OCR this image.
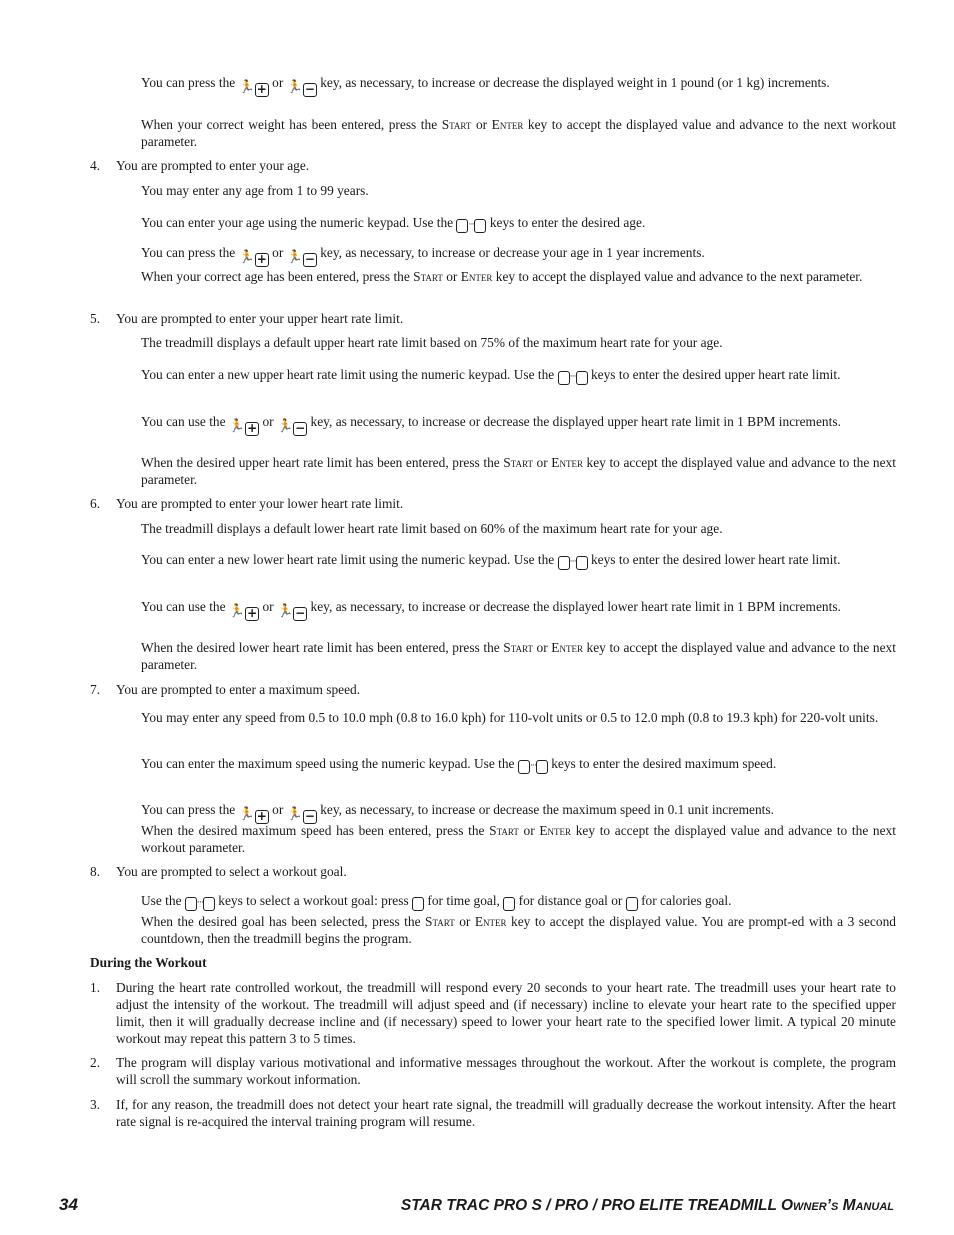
You can press the 🏃 + or 🏃 − key, as necessary, to increase or decrease the displayed weight in 1 pound (or 1 kg) increments.
When your correct weight has been entered, press the Start or Enter key to accept the displayed value and advance to the next workout parameter.
4.	You are prompted to enter your age.
You may enter any age from 1 to 99 years.
You can enter your age using the numeric keypad. Use the ··· keys to enter the desired age.
You can press the 🏃 + or 🏃 − key, as necessary, to increase or decrease your age in 1 year increments.
When your correct age has been entered, press the Start or Enter key to accept the displayed value and advance to the next parameter.
5.	You are prompted to enter your upper heart rate limit.
The treadmill displays a default upper heart rate limit based on 75% of the maximum heart rate for your age.
You can enter a new upper heart rate limit using the numeric keypad. Use the ··· keys to enter the desired upper heart rate limit.
You can use the 🏃 + or 🏃 − key, as necessary, to increase or decrease the displayed upper heart rate limit in 1 BPM increments.
When the desired upper heart rate limit has been entered, press the Start or Enter key to accept the displayed value and advance to the next parameter.
6.	You are prompted to enter your lower heart rate limit.
The treadmill displays a default lower heart rate limit based on 60% of the maximum heart rate for your age.
You can enter a new lower heart rate limit using the numeric keypad. Use the ··· keys to enter the desired lower heart rate limit.
You can use the 🏃 + or 🏃 − key, as necessary, to increase or decrease the displayed lower heart rate limit in 1 BPM increments.
When the desired lower heart rate limit has been entered, press the Start or Enter key to accept the displayed value and advance to the next parameter.
7.	You are prompted to enter a maximum speed.
You may enter any speed from 0.5 to 10.0 mph (0.8 to 16.0 kph) for 110-volt units or 0.5 to 12.0 mph (0.8 to 19.3 kph) for 220-volt units.
You can enter the maximum speed using the numeric keypad. Use the ··· keys to enter the desired maximum speed.
You can press the 🏃 + or 🏃 − key, as necessary, to increase or decrease the maximum speed in 0.1 unit increments.
When the desired maximum speed has been entered, press the Start or Enter key to accept the displayed value and advance to the next workout parameter.
8.	You are prompted to select a workout goal.
Use the ··· keys to select a workout goal: press for time goal, for distance goal or for calories goal.
When the desired goal has been selected, press the Start or Enter key to accept the displayed value. You are prompt-ed with a 3 second countdown, then the treadmill begins the program.
During the Workout
1.	During the heart rate controlled workout, the treadmill will respond every 20 seconds to your heart rate. The treadmill uses your heart rate to adjust the intensity of the workout. The treadmill will adjust speed and (if necessary) incline to elevate your heart rate to the specified upper limit, then it will gradually decrease incline and (if necessary) speed to lower your heart rate to the specified lower limit. A typical 20 minute workout may repeat this pattern 3 to 5 times.
2.	The program will display various motivational and informative messages throughout the workout. After the workout is complete, the program will scroll the summary workout information.
3.	If, for any reason, the treadmill does not detect your heart rate signal, the treadmill will gradually decrease the workout intensity. After the heart rate signal is re-acquired the interval training program will resume.
34	STAR TRAC PRO S / PRO / PRO ELITE TREADMILL Owner’s Manual
